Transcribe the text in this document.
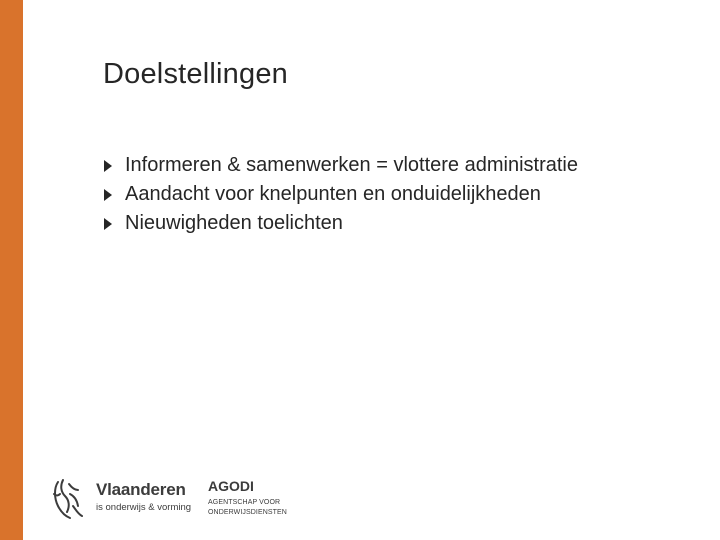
Doelstellingen
Informeren & samenwerken = vlottere administratie
Aandacht voor knelpunten en onduidelijkheden
Nieuwigheden toelichten
Vlaanderen
is onderwijs & vorming
AGODI
AGENTSCHAP VOOR
ONDERWIJSDIENSTEN
